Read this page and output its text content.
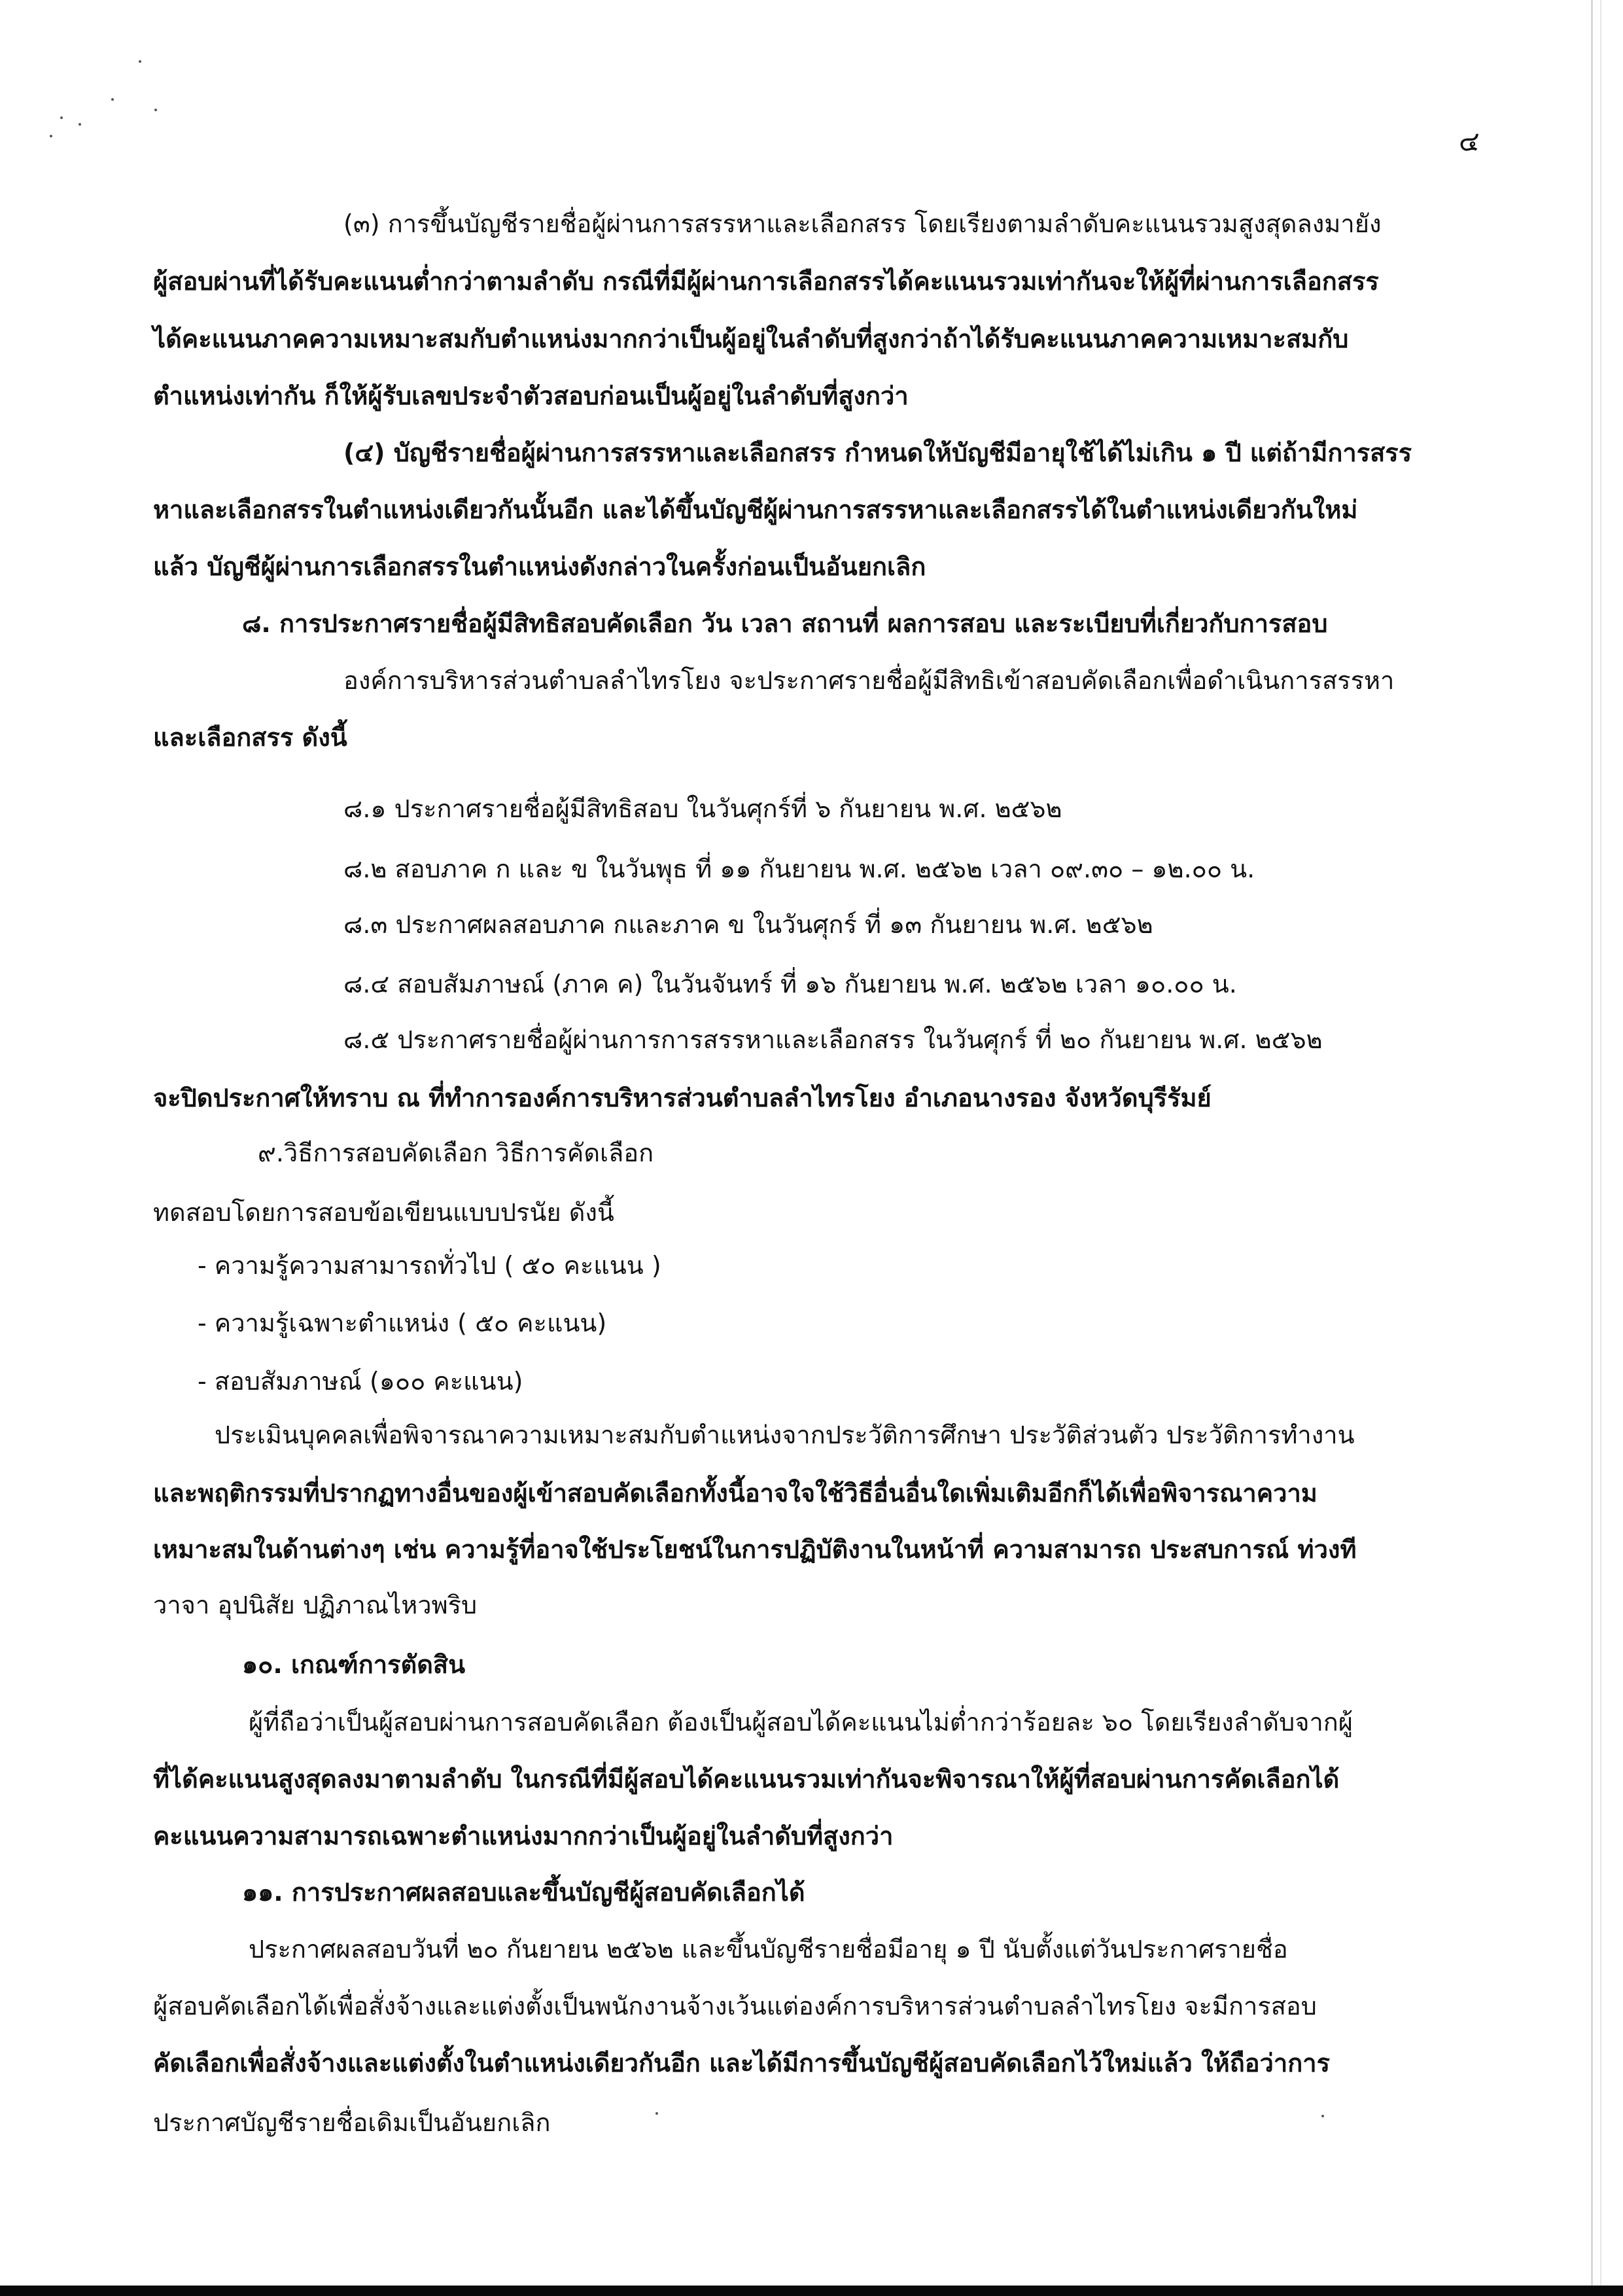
๔

(๓) การขึ้นบัญชีรายชื่อผู้ผ่านการสรรหาและเลือกสรร โดยเรียงตามลำดับคะแนนรวมสูงสุดลงมายัง

ผู้สอบผ่านที่ได้รับคะแนนต่ำกว่าตามลำดับ กรณีที่มีผู้ผ่านการเลือกสรรได้คะแนนรวมเท่ากันจะให้ผู้ที่ผ่านการเลือกสรร

ได้คะแนนภาคความเหมาะสมกับตำแหน่งมากกว่าเป็นผู้อยู่ในลำดับที่สูงกว่าถ้าได้รับคะแนนภาคความเหมาะสมกับ

ตำแหน่งเท่ากัน ก็ให้ผู้รับเลขประจำตัวสอบก่อนเป็นผู้อยู่ในลำดับที่สูงกว่า

(๔) บัญชีรายชื่อผู้ผ่านการสรรหาและเลือกสรร กำหนดให้บัญชีมีอายุใช้ได้ไม่เกิน ๑ ปี แต่ถ้ามีการสรร

หาและเลือกสรรในตำแหน่งเดียวกันนั้นอีก และได้ขึ้นบัญชีผู้ผ่านการสรรหาและเลือกสรรได้ในตำแหน่งเดียวกันใหม่

แล้ว บัญชีผู้ผ่านการเลือกสรรในตำแหน่งดังกล่าวในครั้งก่อนเป็นอันยกเลิก

๘. การประกาศรายชื่อผู้มีสิทธิสอบคัดเลือก วัน เวลา สถานที่ ผลการสอบ และระเบียบที่เกี่ยวกับการสอบ

องค์การบริหารส่วนตำบลลำไทรโยง จะประกาศรายชื่อผู้มีสิทธิเข้าสอบคัดเลือกเพื่อดำเนินการสรรหา

และเลือกสรร ดังนี้

๘.๑ ประกาศรายชื่อผู้มีสิทธิสอบ ในวันศุกร์ที่ ๖ กันยายน พ.ศ. ๒๕๖๒

๘.๒ สอบภาค ก และ ข ในวันพุธ ที่ ๑๑ กันยายน พ.ศ. ๒๕๖๒ เวลา ๐๙.๓๐ – ๑๒.๐๐ น.

๘.๓ ประกาศผลสอบภาค กและภาค ข ในวันศุกร์ ที่ ๑๓ กันยายน พ.ศ. ๒๕๖๒

๘.๔ สอบสัมภาษณ์ (ภาค ค) ในวันจันทร์ ที่ ๑๖ กันยายน พ.ศ. ๒๕๖๒ เวลา ๑๐.๐๐ น.

๘.๕ ประกาศรายชื่อผู้ผ่านการการสรรหาและเลือกสรร ในวันศุกร์ ที่ ๒๐ กันยายน พ.ศ. ๒๕๖๒

จะปิดประกาศให้ทราบ ณ ที่ทำการองค์การบริหารส่วนตำบลลำไทรโยง อำเภอนางรอง จังหวัดบุรีรัมย์

๙.วิธีการสอบคัดเลือก วิธีการคัดเลือก

ทดสอบโดยการสอบข้อเขียนแบบปรนัย ดังนี้

- ความรู้ความสามารถทั่วไป ( ๕๐ คะแนน )

- ความรู้เฉพาะตำแหน่ง ( ๕๐ คะแนน)

- สอบสัมภาษณ์ (๑๐๐ คะแนน)

ประเมินบุคคลเพื่อพิจารณาความเหมาะสมกับตำแหน่งจากประวัติการศึกษา ประวัติส่วนตัว ประวัติการทำงาน

และพฤติกรรมที่ปรากฏทางอื่นของผู้เข้าสอบคัดเลือกทั้งนี้อาจใจใช้วิธีอื่นอื่นใดเพิ่มเติมอีกก็ได้เพื่อพิจารณาความ

เหมาะสมในด้านต่างๆ เช่น ความรู้ที่อาจใช้ประโยชน์ในการปฏิบัติงานในหน้าที่ ความสามารถ ประสบการณ์ ท่วงที

วาจา อุปนิสัย ปฏิภาณไหวพริบ

๑๐. เกณฑ์การตัดสิน

ผู้ที่ถือว่าเป็นผู้สอบผ่านการสอบคัดเลือก ต้องเป็นผู้สอบได้คะแนนไม่ต่ำกว่าร้อยละ ๖๐ โดยเรียงลำดับจากผู้

ที่ได้คะแนนสูงสุดลงมาตามลำดับ ในกรณีที่มีผู้สอบได้คะแนนรวมเท่ากันจะพิจารณาให้ผู้ที่สอบผ่านการคัดเลือกได้

คะแนนความสามารถเฉพาะตำแหน่งมากกว่าเป็นผู้อยู่ในลำดับที่สูงกว่า

๑๑. การประกาศผลสอบและขึ้นบัญชีผู้สอบคัดเลือกได้

ประกาศผลสอบวันที่ ๒๐ กันยายน ๒๕๖๒ และขึ้นบัญชีรายชื่อมีอายุ ๑ ปี นับตั้งแต่วันประกาศรายชื่อ

ผู้สอบคัดเลือกได้เพื่อสั่งจ้างและแต่งตั้งเป็นพนักงานจ้างเว้นแต่องค์การบริหารส่วนตำบลลำไทรโยง จะมีการสอบ

คัดเลือกเพื่อสั่งจ้างและแต่งตั้งในตำแหน่งเดียวกันอีก และได้มีการขึ้นบัญชีผู้สอบคัดเลือกไว้ใหม่แล้ว ให้ถือว่าการ

ประกาศบัญชีรายชื่อเดิมเป็นอันยกเลิก
